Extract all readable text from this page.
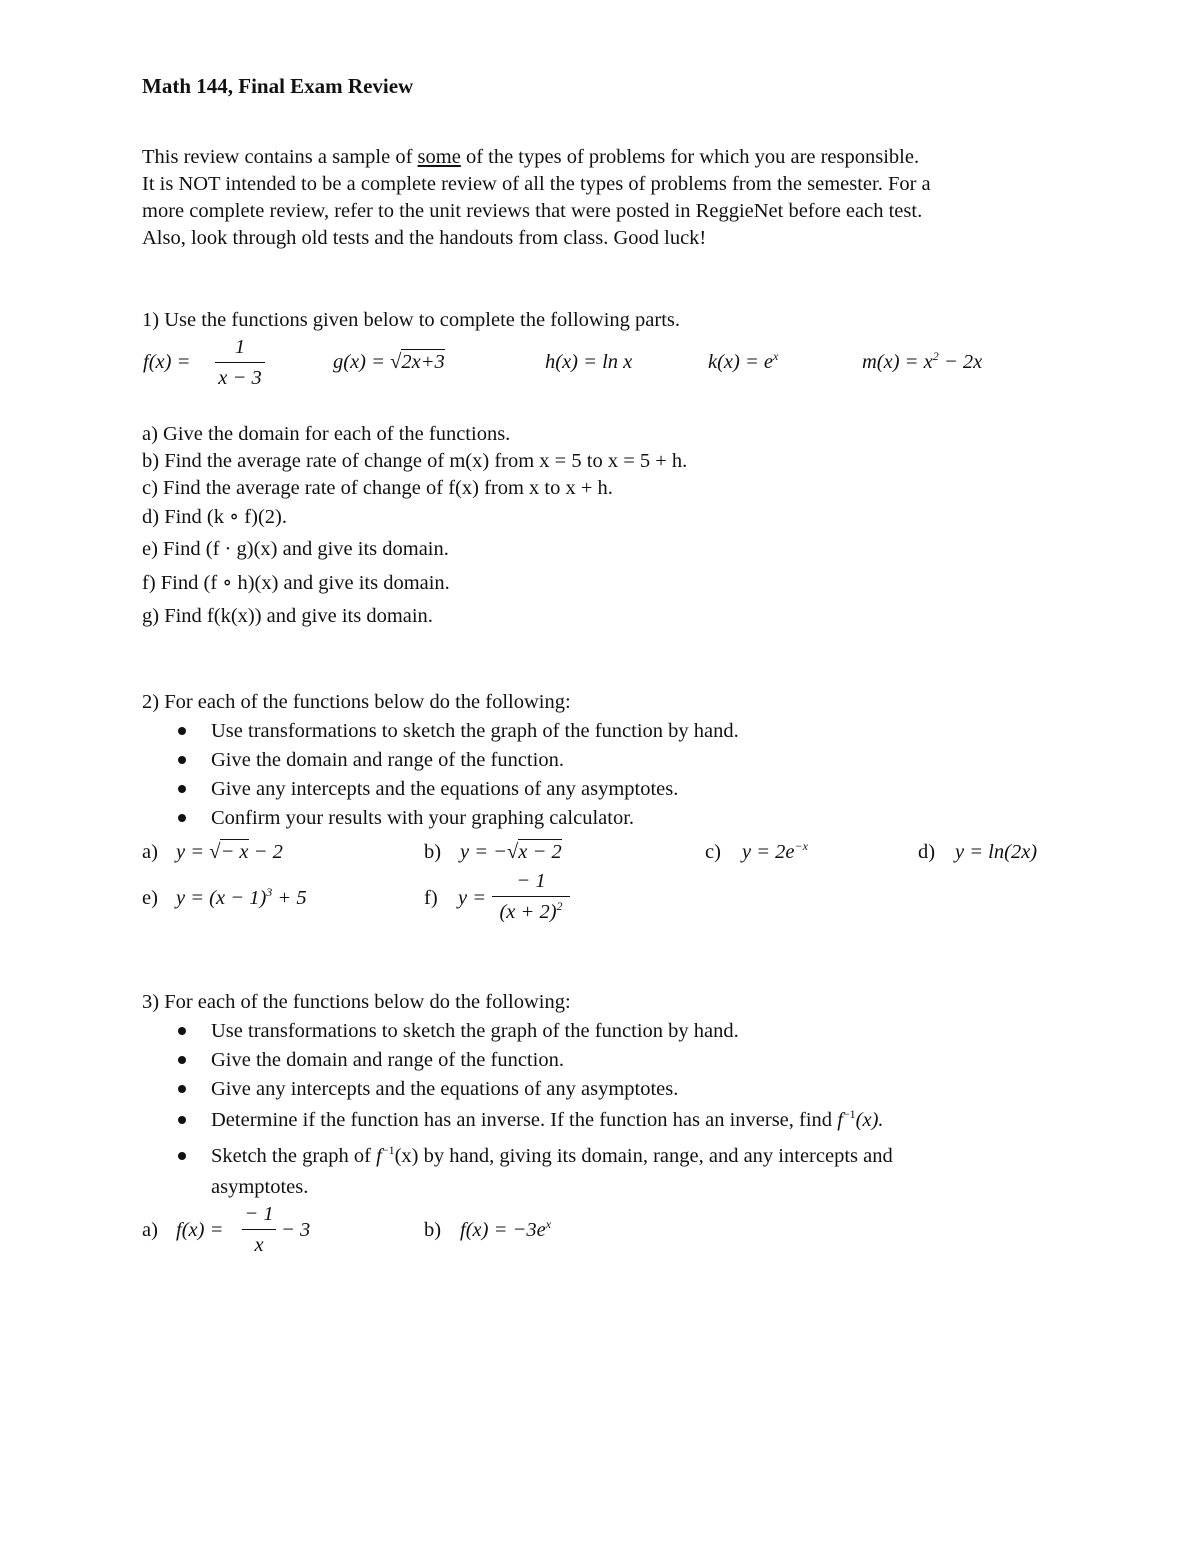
Math 144, Final Exam Review
This review contains a sample of some of the types of problems for which you are responsible.
It is NOT intended to be a complete review of all the types of problems from the semester. For a
more complete review, refer to the unit reviews that were posted in ReggieNet before each test.
Also, look through old tests and the handouts from class. Good luck!
1) Use the functions given below to complete the following parts.
f(x) =
1
x − 3
g(x) = √2x+3	h(x) = ln x	$k(x) = e^x$	$m(x) = x^2 - 2x$
a) Give the domain for each of the functions.
b) Find the average rate of change of m(x) from x = 5 to x = 5 + h.
c) Find the average rate of change of f(x) from x to x + h.
d) Find (k ∘ f)(2).
e) Find (f · g)(x) and give its domain.
f) Find (f ∘ h)(x) and give its domain.
g) Find f(k(x)) and give its domain.
2) For each of the functions below do the following:
Use transformations to sketch the graph of the function by hand.
Give the domain and range of the function.
Give any intercepts and the equations of any asymptotes.
Confirm your results with your graphing calculator.
a) y = √− x − 2	b) y = −√x − 2	c) $y = 2e^{-x}$	d) y = ln(2x)
e) $y = (x - 1)^3 + 5$	f) y =
− 1
$(x + 2)^2$
3) For each of the functions below do the following:
Use transformations to sketch the graph of the function by hand.
Give the domain and range of the function.
Give any intercepts and the equations of any asymptotes.
Determine if the function has an inverse. If the function has an inverse, find $f^{-1}(x)$.
Sketch the graph of $f^{-1}(x)$ by hand, giving its domain, range, and any intercepts and
asymptotes.
a) f(x) =
− 1
x
− 3	b) $f(x) = -3e^x$
